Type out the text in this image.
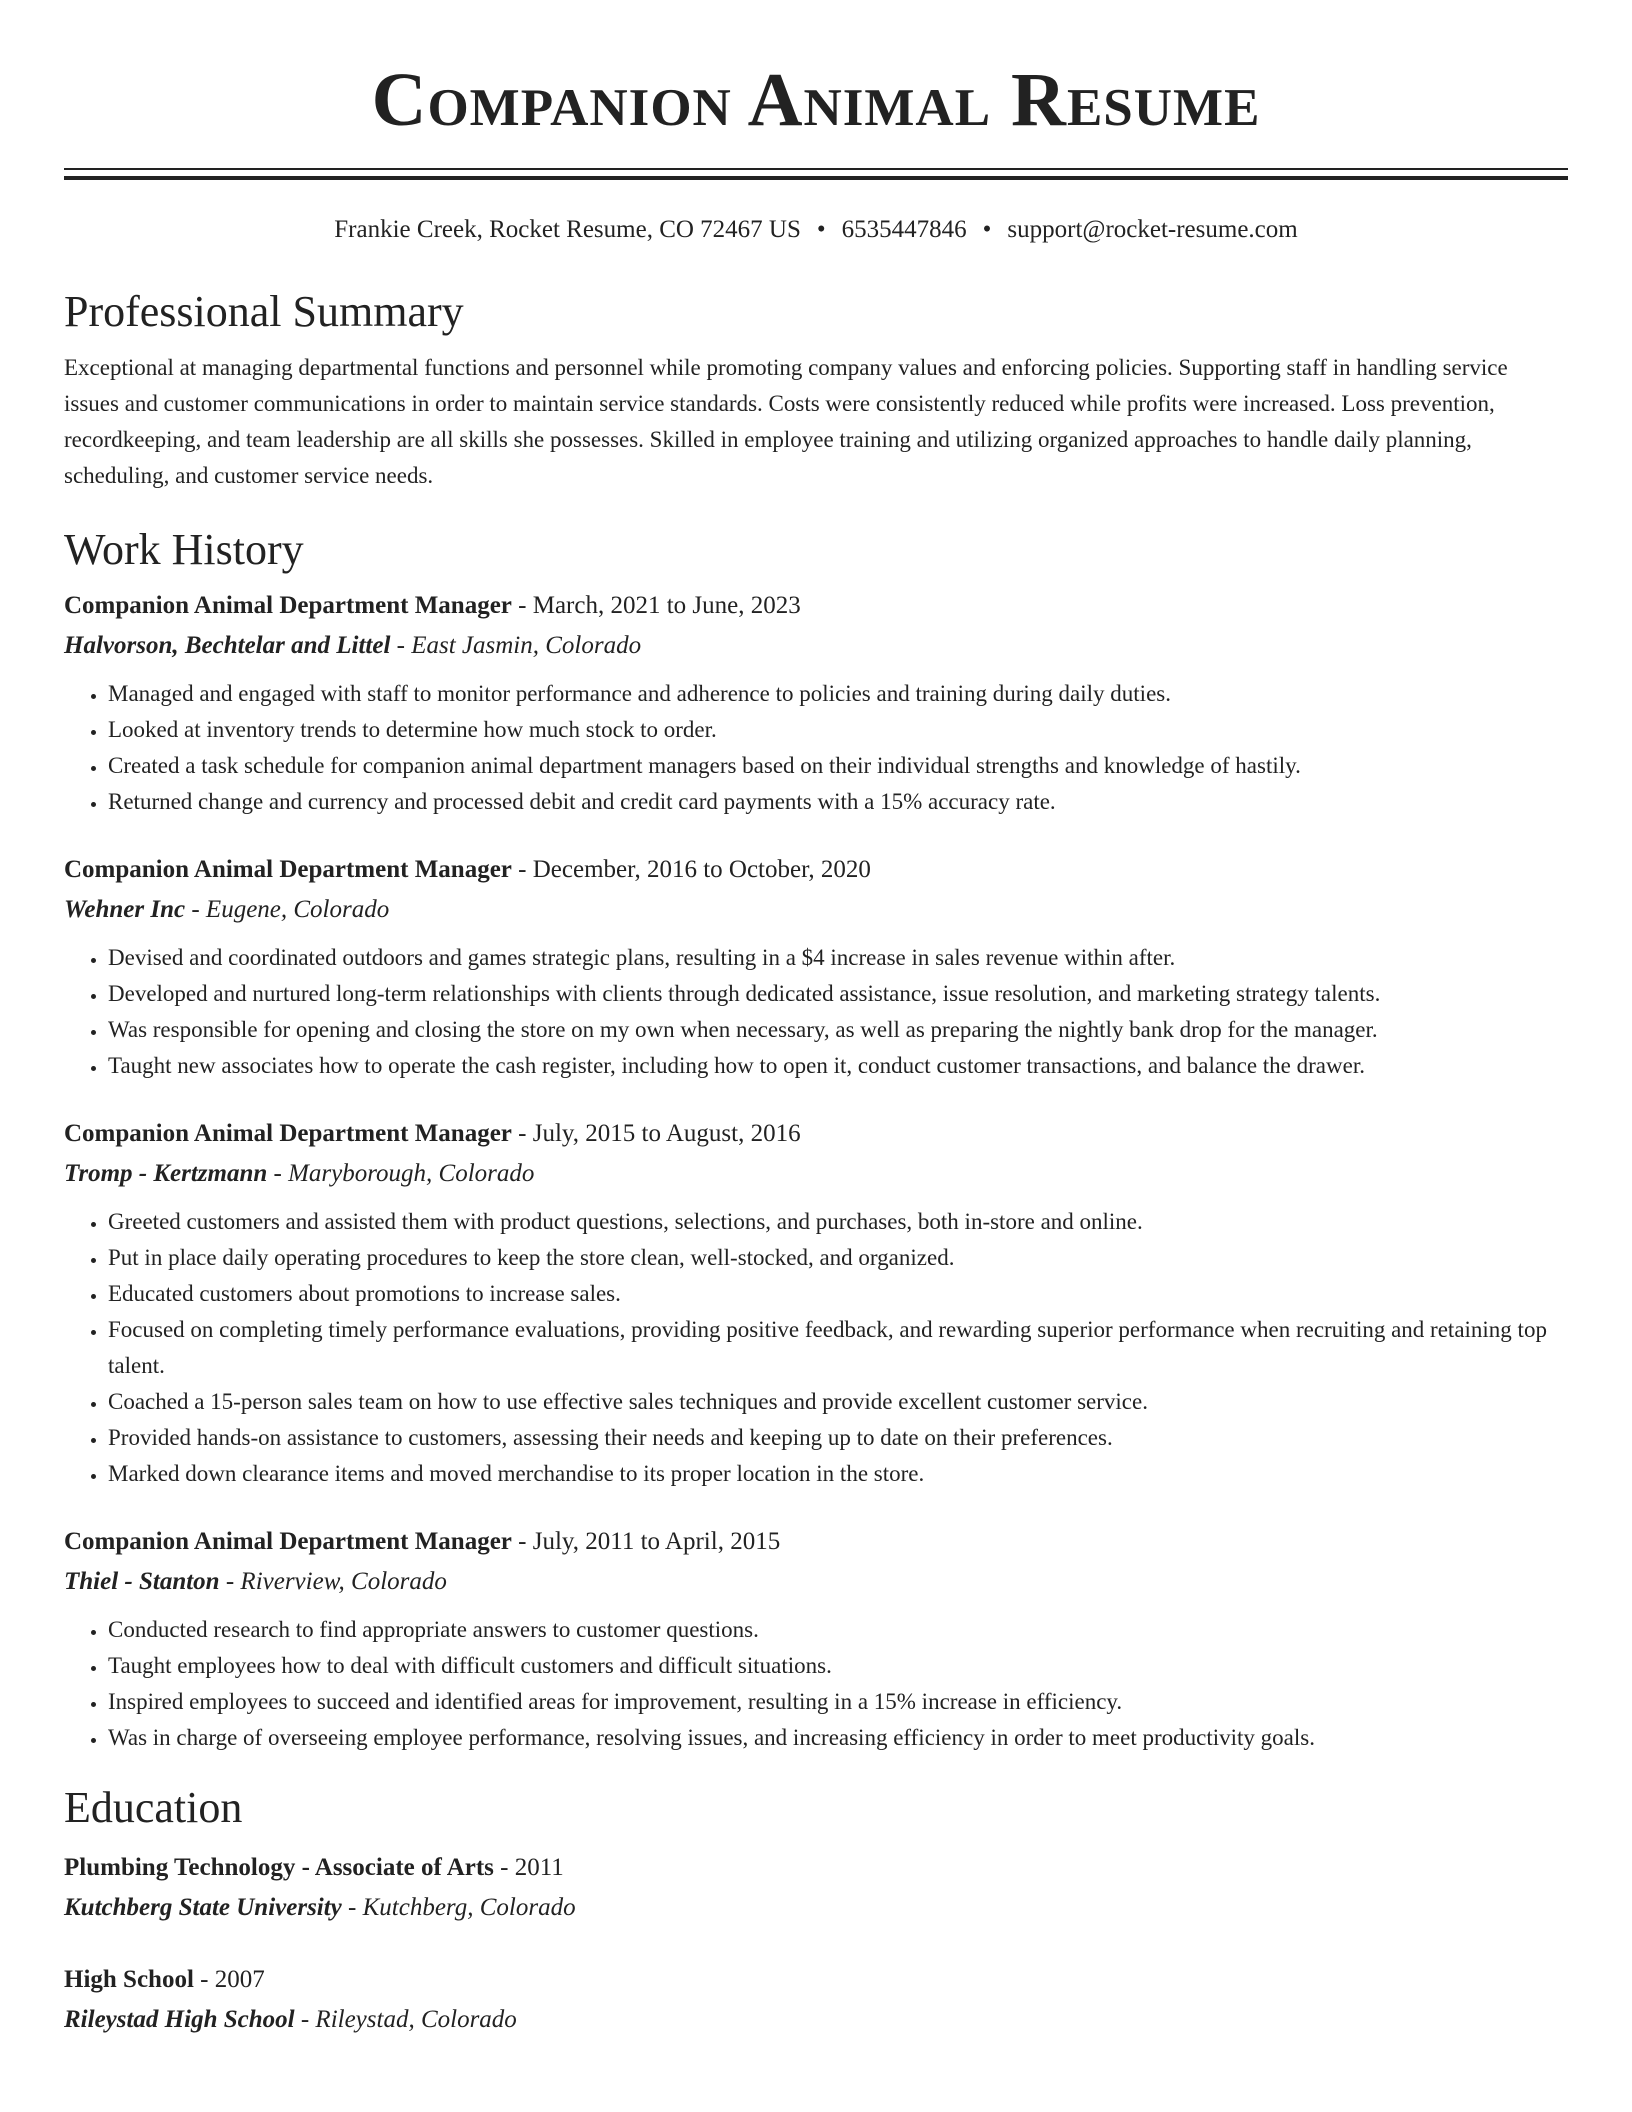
Companion Animal Resume
Frankie Creek, Rocket Resume, CO 72467 US • 6535447846 • support@rocket-resume.com
Professional Summary

Exceptional at managing departmental functions and personnel while promoting company values and enforcing policies. Supporting staff in handling service issues and customer communications in order to maintain service standards. Costs were consistently reduced while profits were increased. Loss prevention, recordkeeping, and team leadership are all skills she possesses. Skilled in employee training and utilizing organized approaches to handle daily planning, scheduling, and customer service needs.

Work History

Companion Animal Department Manager - March, 2021 to June, 2023

Halvorson, Bechtelar and Littel - East Jasmin, Colorado

• Managed and engaged with staff to monitor performance and adherence to policies and training during daily duties.
• Looked at inventory trends to determine how much stock to order.
• Created a task schedule for companion animal department managers based on their individual strengths and knowledge of hastily.
• Returned change and currency and processed debit and credit card payments with a 15% accuracy rate.

Companion Animal Department Manager - December, 2016 to October, 2020

Wehner Inc - Eugene, Colorado

• Devised and coordinated outdoors and games strategic plans, resulting in a $4 increase in sales revenue within after.
• Developed and nurtured long-term relationships with clients through dedicated assistance, issue resolution, and marketing strategy talents.
• Was responsible for opening and closing the store on my own when necessary, as well as preparing the nightly bank drop for the manager.
• Taught new associates how to operate the cash register, including how to open it, conduct customer transactions, and balance the drawer.

Companion Animal Department Manager - July, 2015 to August, 2016

Tromp - Kertzmann - Maryborough, Colorado

• Greeted customers and assisted them with product questions, selections, and purchases, both in-store and online.
• Put in place daily operating procedures to keep the store clean, well-stocked, and organized.
• Educated customers about promotions to increase sales.
• Focused on completing timely performance evaluations, providing positive feedback, and rewarding superior performance when recruiting and retaining top talent.
• Coached a 15-person sales team on how to use effective sales techniques and provide excellent customer service.
• Provided hands-on assistance to customers, assessing their needs and keeping up to date on their preferences.
• Marked down clearance items and moved merchandise to its proper location in the store.

Companion Animal Department Manager - July, 2011 to April, 2015

Thiel - Stanton - Riverview, Colorado

• Conducted research to find appropriate answers to customer questions.
• Taught employees how to deal with difficult customers and difficult situations.
• Inspired employees to succeed and identified areas for improvement, resulting in a 15% increase in efficiency.
• Was in charge of overseeing employee performance, resolving issues, and increasing efficiency in order to meet productivity goals.
Education

Plumbing Technology - Associate of Arts - 2011

Kutchberg State University - Kutchberg, Colorado

High School - 2007

Rileystad High School - Rileystad, Colorado
